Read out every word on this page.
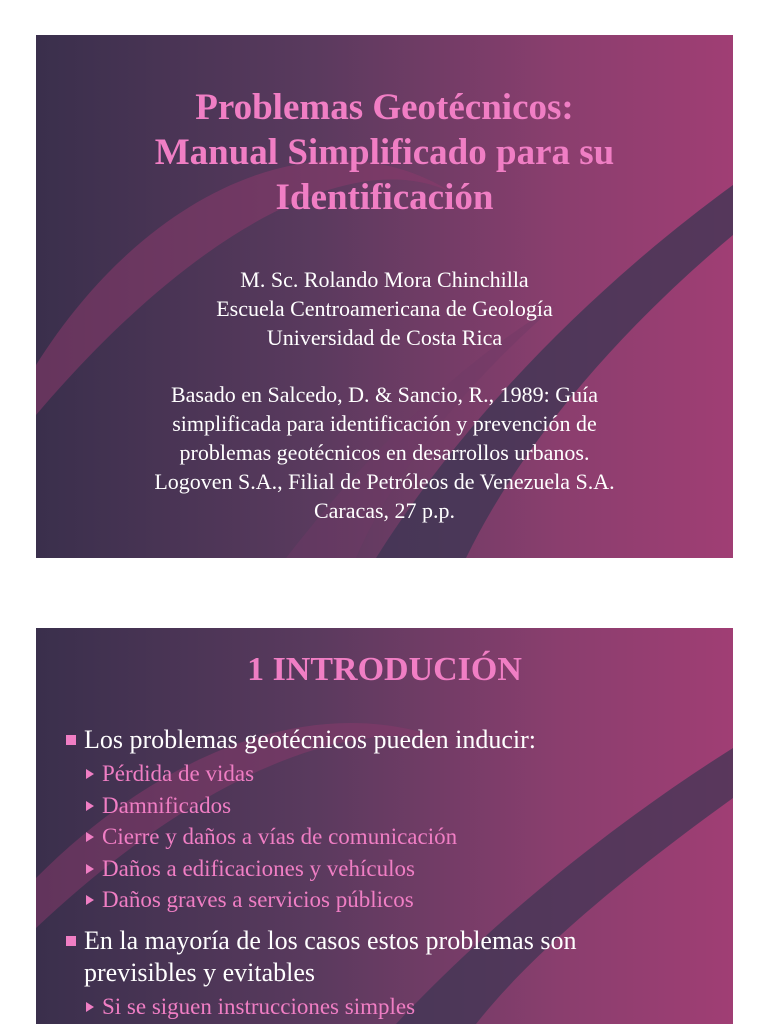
Problemas Geotécnicos:
Manual Simplificado para su
Identificación
M. Sc. Rolando Mora Chinchilla
Escuela Centroamericana de Geología
Universidad de Costa Rica
Basado en Salcedo, D. & Sancio, R., 1989: Guía
simplificada para identificación y prevención de
problemas geotécnicos en desarrollos urbanos.
Logoven S.A., Filial de Petróleos de Venezuela S.A.
Caracas, 27 p.p.
1 INTRODUCIÓN
Los problemas geotécnicos pueden inducir:
Pérdida de vidas
Damnificados
Cierre y daños a vías de comunicación
Daños a edificaciones y vehículos
Daños graves a servicios públicos
En la mayoría de los casos estos problemas son
previsibles y evitables
Si se siguen instrucciones simples
